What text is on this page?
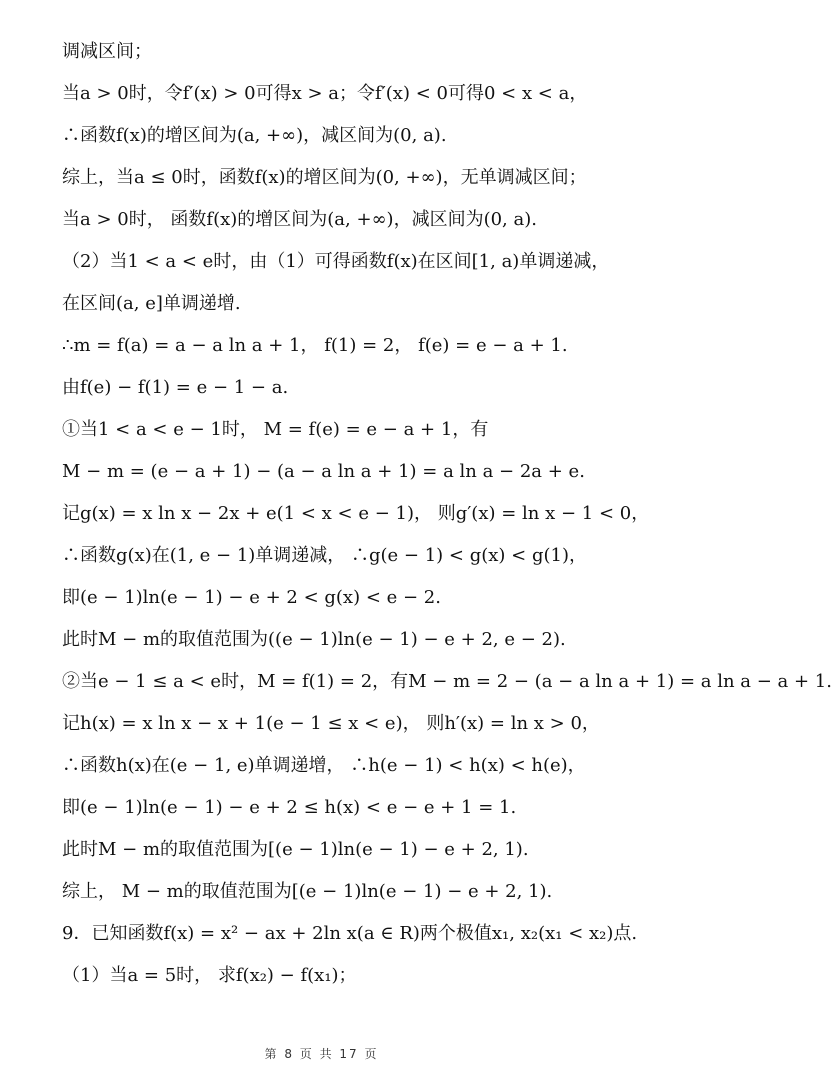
调减区间；
当a > 0时，令f′(x) > 0可得x > a；令f′(x) < 0可得0 < x < a，
∴函数f(x)的增区间为(a, +∞)，减区间为(0, a).
综上，当a ≤ 0时，函数f(x)的增区间为(0, +∞)，无单调减区间；
当a > 0时， 函数f(x)的增区间为(a, +∞)，减区间为(0, a).
（2）当1 < a < e时，由（1）可得函数f(x)在区间[1, a)单调递减，
在区间(a, e]单调递增.
∴m = f(a) = a − a ln a + 1， f(1) = 2， f(e) = e − a + 1.
由f(e) − f(1) = e − 1 − a.
①当1 < a < e − 1时， M = f(e) = e − a + 1，有
M − m = (e − a + 1) − (a − a ln a + 1) = a ln a − 2a + e.
记g(x) = x ln x − 2x + e(1 < x < e − 1)， 则g′(x) = ln x − 1 < 0，
∴函数g(x)在(1, e − 1)单调递减， ∴g(e − 1) < g(x) < g(1)，
即(e − 1)ln(e − 1) − e + 2 < g(x) < e − 2.
此时M − m的取值范围为((e − 1)ln(e − 1) − e + 2, e − 2).
②当e − 1 ≤ a < e时，M = f(1) = 2，有M − m = 2 − (a − a ln a + 1) = a ln a − a + 1.
记h(x) = x ln x − x + 1(e − 1 ≤ x < e)， 则h′(x) = ln x > 0，
∴函数h(x)在(e − 1, e)单调递增， ∴h(e − 1) < h(x) < h(e)，
即(e − 1)ln(e − 1) − e + 2 ≤ h(x) < e − e + 1 = 1.
此时M − m的取值范围为[(e − 1)ln(e − 1) − e + 2, 1).
综上， M − m的取值范围为[(e − 1)ln(e − 1) − e + 2, 1).
9．已知函数f(x) = x² − ax + 2ln x(a ∈ R)两个极值x₁, x₂(x₁ < x₂)点.
（1）当a = 5时， 求f(x₂) − f(x₁)；
第 8 页 共 17 页
